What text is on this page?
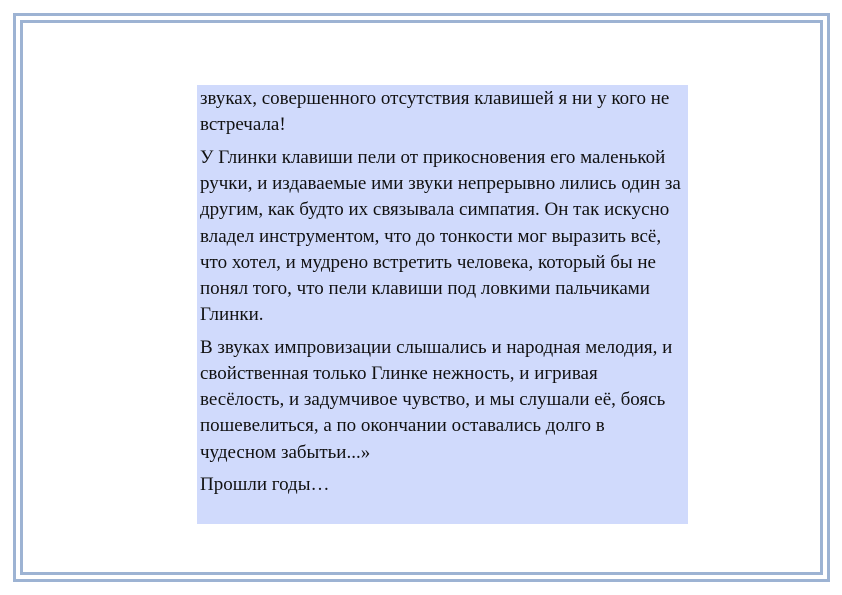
звуках, совершенного отсутствия клавишей я ни у кого не встречала!

У Глинки клавиши пели от прикосновения его маленькой ручки, и издаваемые ими звуки непрерывно лились один за другим, как будто их связывала симпатия. Он так искусно владел инструментом, что до тонкости мог выразить всё, что хотел, и мудрено встретить человека, который бы не понял того, что пели клавиши под ловкими пальчиками Глинки.

В звуках импровизации слышались и народная мелодия, и свойственная только Глинке нежность, и игривая весёлость, и задумчивое чувство, и мы слушали её, боясь пошевелиться, а по окончании оставались долго в чудесном забытьи...»

Прошли годы…
